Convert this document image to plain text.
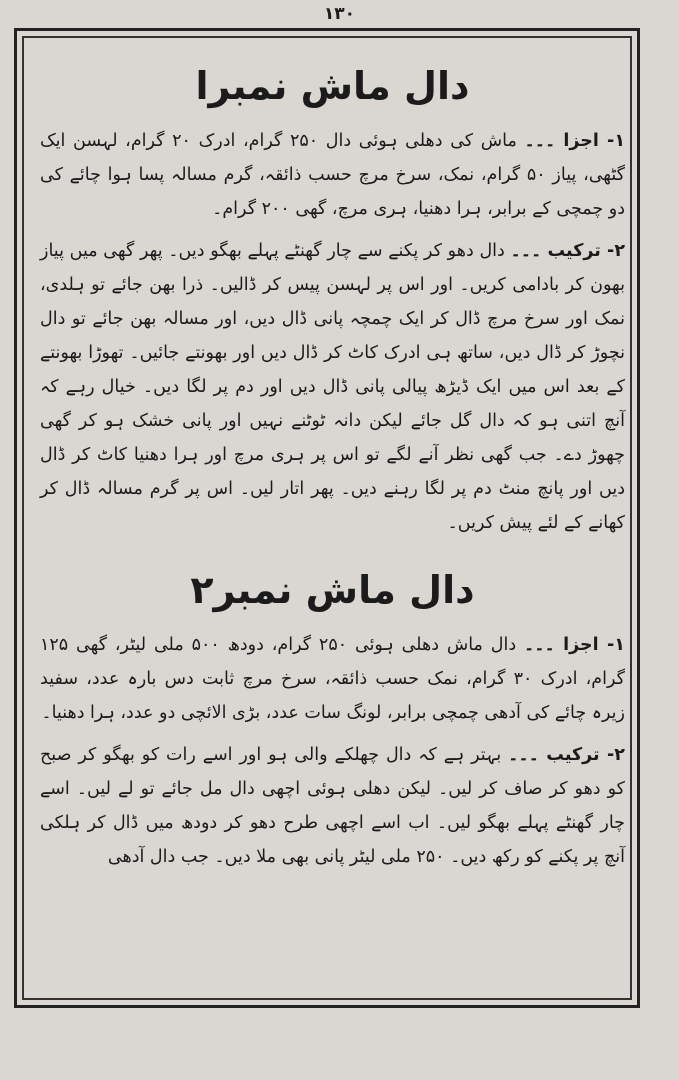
١٣٠
دال ماش نمبرا

۱- اجزا ۔۔۔ ماش کی دھلی ہوئی دال ۲۵۰ گرام، ادرک ۲۰ گرام، لہسن ایک گٹھی، پیاز ۵۰ گرام، نمک، سرخ مرچ حسب ذائقہ، گرم مسالہ پسا ہوا چائے کی دو چمچی کے برابر، ہرا دھنیا، ہری مرچ، گھی ۲۰۰ گرام۔

۲- ترکیب ۔۔۔ دال دھو کر پکنے سے چار گھنٹے پہلے بھگو دیں۔ پھر گھی میں پیاز بھون کر بادامی کریں۔ اور اس پر لہسن پیس کر ڈالیں۔ ذرا بھن جائے تو ہلدی، نمک اور سرخ مرچ ڈال کر ایک چمچہ پانی ڈال دیں، اور مسالہ بھن جائے تو دال نچوڑ کر ڈال دیں، ساتھ ہی ادرک کاٹ کر ڈال دیں اور بھونتے جائیں۔ تھوڑا بھونتے کے بعد اس میں ایک ڈیڑھ پیالی پانی ڈال دیں اور دم پر لگا دیں۔ خیال رہے کہ آنچ اتنی ہو کہ دال گل جائے لیکن دانہ ٹوٹنے نہیں اور پانی خشک ہو کر گھی چھوڑ دے۔ جب گھی نظر آنے لگے تو اس پر ہری مرچ اور ہرا دھنیا کاٹ کر ڈال دیں اور پانچ منٹ دم پر لگا رہنے دیں۔ پھر اتار لیں۔ اس پر گرم مسالہ ڈال کر کھانے کے لئے پیش کریں۔

دال ماش نمبر۲

۱- اجزا ۔۔۔ دال ماش دھلی ہوئی ۲۵۰ گرام، دودھ ۵۰۰ ملی لیٹر، گھی ۱۲۵ گرام، ادرک ۳۰ گرام، نمک حسب ذائقہ، سرخ مرچ ثابت دس بارہ عدد، سفید زیرہ چائے کی آدھی چمچی برابر، لونگ سات عدد، بڑی الائچی دو عدد، ہرا دھنیا۔

۲- ترکیب ۔۔۔ بہتر ہے کہ دال چھلکے والی ہو اور اسے رات کو بھگو کر صبح کو دھو کر صاف کر لیں۔ لیکن دھلی ہوئی اچھی دال مل جائے تو لے لیں۔ اسے چار گھنٹے پہلے بھگو لیں۔ اب اسے اچھی طرح دھو کر دودھ میں ڈال کر ہلکی آنچ پر پکنے کو رکھ دیں۔ ۲۵۰ ملی لیٹر پانی بھی ملا دیں۔ جب دال آدھی
